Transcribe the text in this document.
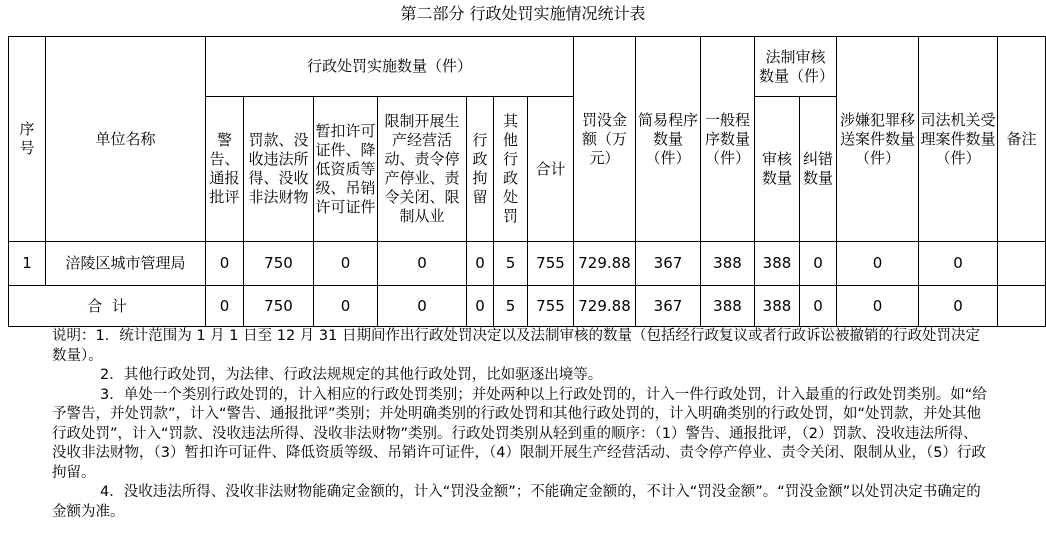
第二部分 行政处罚实施情况统计表
序号	单位名称	行政处罚实施数量（件）							罚没金额（万元）	简易程序数量（件）	一般程序数量（件）	法制审核数量（件）		涉嫌犯罪移送案件数量（件）	司法机关受理案件数量（件）	备注
		警告、通报批评	罚款、没收违法所得、没收非法财物	暂扣许可证件、降低资质等级、吊销许可证件	限制开展生产经营活动、责令停产停业、责令关闭、限制从业	行政拘留	其他行政处罚	合计				审核数量	纠错数量			
1	涪陵区城市管理局	0	750	0	0	0	5	755	729.88	367	388	388	0	0	0	
合  计		0	750	0	0	0	5	755	729.88	367	388	388	0	0	0	

说明：1．统计范围为 1 月 1 日至 12 月 31 日期间作出行政处罚决定以及法制审核的数量（包括经行政复议或者行政诉讼被撤销的行政处罚决定数量）。

2．其他行政处罚，为法律、行政法规规定的其他行政处罚，比如驱逐出境等。

3．单处一个类别行政处罚的，计入相应的行政处罚类别；并处两种以上行政处罚的，计入一件行政处罚，计入最重的行政处罚类别。如“给予警告，并处罚款”，计入“警告、通报批评”类别；并处明确类别的行政处罚和其他行政处罚的，计入明确类别的行政处罚，如“处罚款，并处其他行政处罚”，计入“罚款、没收违法所得、没收非法财物”类别。行政处罚类别从轻到重的顺序：（1）警告、通报批评，（2）罚款、没收违法所得、没收非法财物，（3）暂扣许可证件、降低资质等级、吊销许可证件，（4）限制开展生产经营活动、责令停产停业、责令关闭、限制从业，（5）行政拘留。

4．没收违法所得、没收非法财物能确定金额的，计入“罚没金额”；不能确定金额的，不计入“罚没金额”。“罚没金额”以处罚决定书确定的金额为准。
